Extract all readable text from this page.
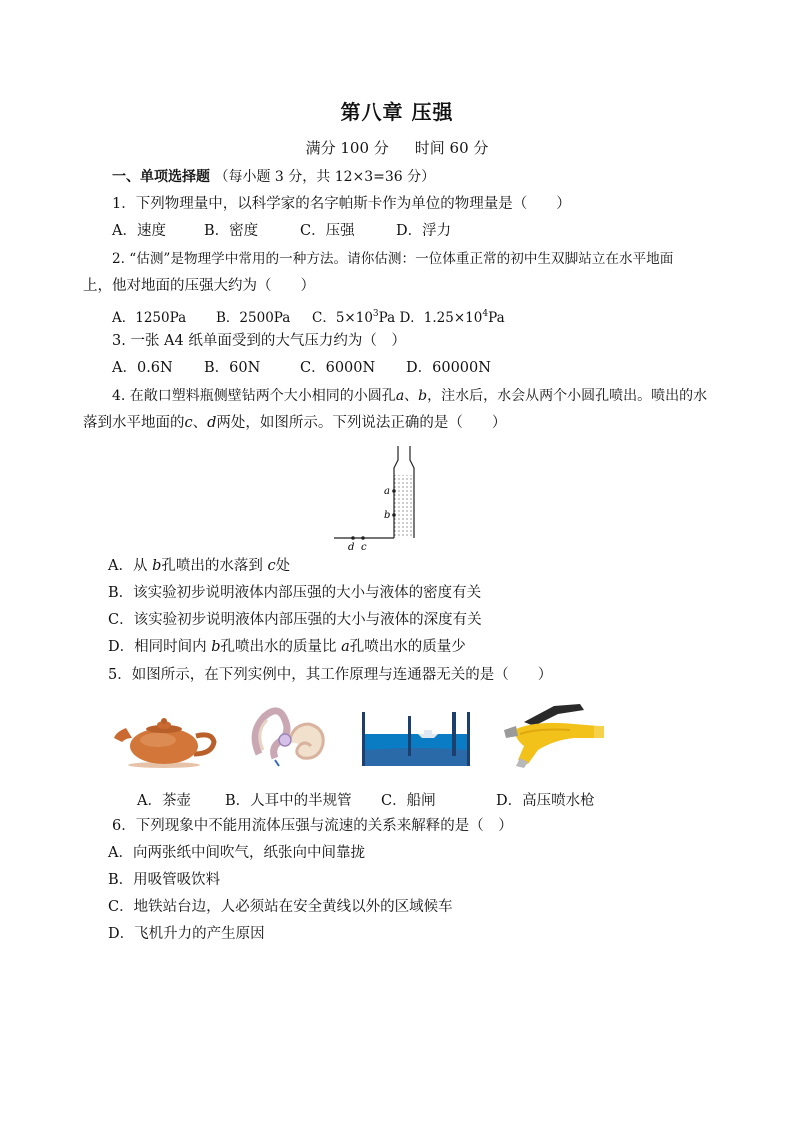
第八章 压强
满分 100 分 时间 60 分
一、单项选择题 （每小题 3 分，共 12×3=36 分）
1．下列物理量中，以科学家的名字帕斯卡作为单位的物理量是（　　）
A．速度	B．密度	C．压强	D．浮力
2. “估测”是物理学中常用的一种方法。请你估测：一位体重正常的初中生双脚站立在水平地面
上，他对地面的压强大约为（　　）
A．1250Pa B．2500Pa C．$5\times 10^3Pa$ D．$1.25\times 10^4Pa$
3. 一张 A4 纸单面受到的大气压力约为（　）
A．0.6N B．60N	C．6000N D．60000N
4. 在敞口塑料瓶侧壁钻两个大小相同的小圆孔a、b，注水后，水会从两个小圆孔喷出。喷出的水
落到水平地面的c、d两处，如图所示。下列说法正确的是（　　）
a
b
d c
A．从 b孔喷出的水落到 c处
B．该实验初步说明液体内部压强的大小与液体的密度有关
C．该实验初步说明液体内部压强的大小与液体的深度有关
D．相同时间内 b孔喷出水的质量比 a孔喷出水的质量少
5．如图所示，在下列实例中，其工作原理与连通器无关的是（　　）
A．茶壶 B．人耳中的半规管 C．船闸	D．高压喷水枪
6．下列现象中不能用流体压强与流速的关系来解释的是（　）
A．向两张纸中间吹气，纸张向中间靠拢
B．用吸管吸饮料
C．地铁站台边，人必须站在安全黄线以外的区域候车
D．飞机升力的产生原因
